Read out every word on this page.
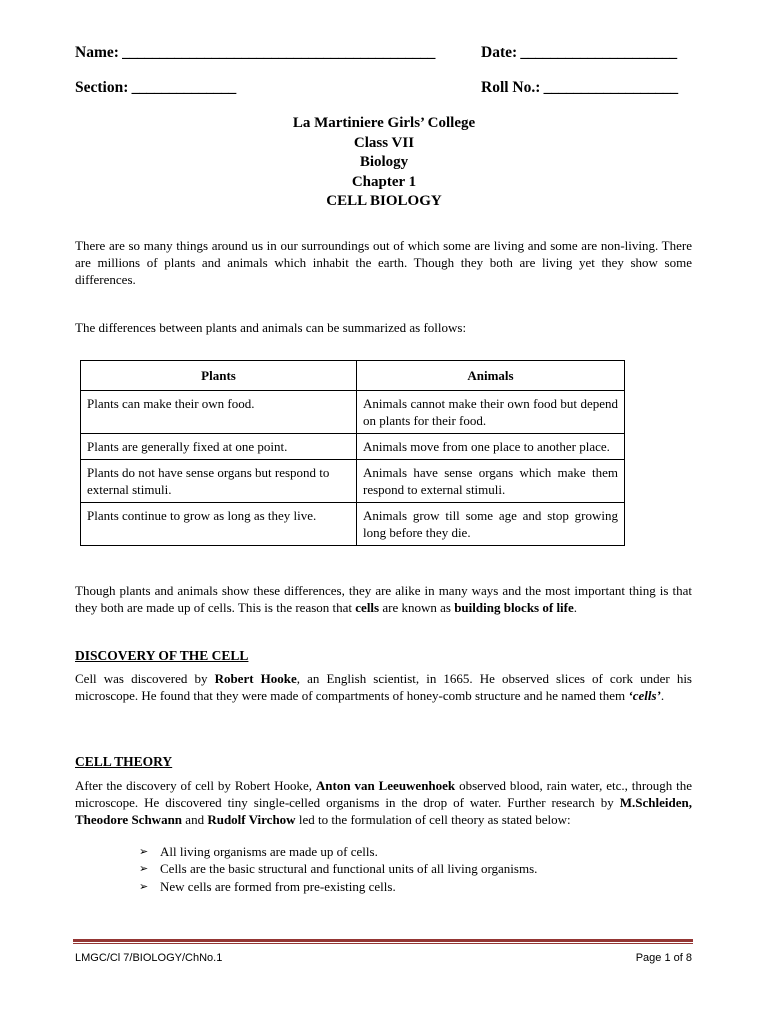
Name: __________________________________________	Date: _____________________
Section: ______________	Roll No.: __________________
La Martiniere Girls’ College
Class VII
Biology
Chapter 1
CELL BIOLOGY
There are so many things around us in our surroundings out of which some are living and some are non-living. There are millions of plants and animals which inhabit the earth. Though they both are living yet they show some differences.
The differences between plants and animals can be summarized as follows:
Plants	Animals
Plants can make their own food.	Animals cannot make their own food but depend on plants for their food.
Plants are generally fixed at one point.	Animals move from one place to another place.
Plants do not have sense organs but respond to external stimuli.	Animals have sense organs which make them respond to external stimuli.
Plants continue to grow as long as they live.	Animals grow till some age and stop growing long before they die.
Though plants and animals show these differences, they are alike in many ways and the most important thing is that they both are made up of cells. This is the reason that cells are known as building blocks of life.
DISCOVERY OF THE CELL
Cell was discovered by Robert Hooke, an English scientist, in 1665. He observed slices of cork under his microscope. He found that they were made of compartments of honey-comb structure and he named them ‘cells’.
CELL THEORY
After the discovery of cell by Robert Hooke, Anton van Leeuwenhoek observed blood, rain water, etc., through the microscope. He discovered tiny single-celled organisms in the drop of water. Further research by M.Schleiden, Theodore Schwann and Rudolf Virchow led to the formulation of cell theory as stated below:
➢ All living organisms are made up of cells.
➢ Cells are the basic structural and functional units of all living organisms.
➢ New cells are formed from pre-existing cells.
LMGC/Cl 7/BIOLOGY/ChNo.1	Page 1 of 8
